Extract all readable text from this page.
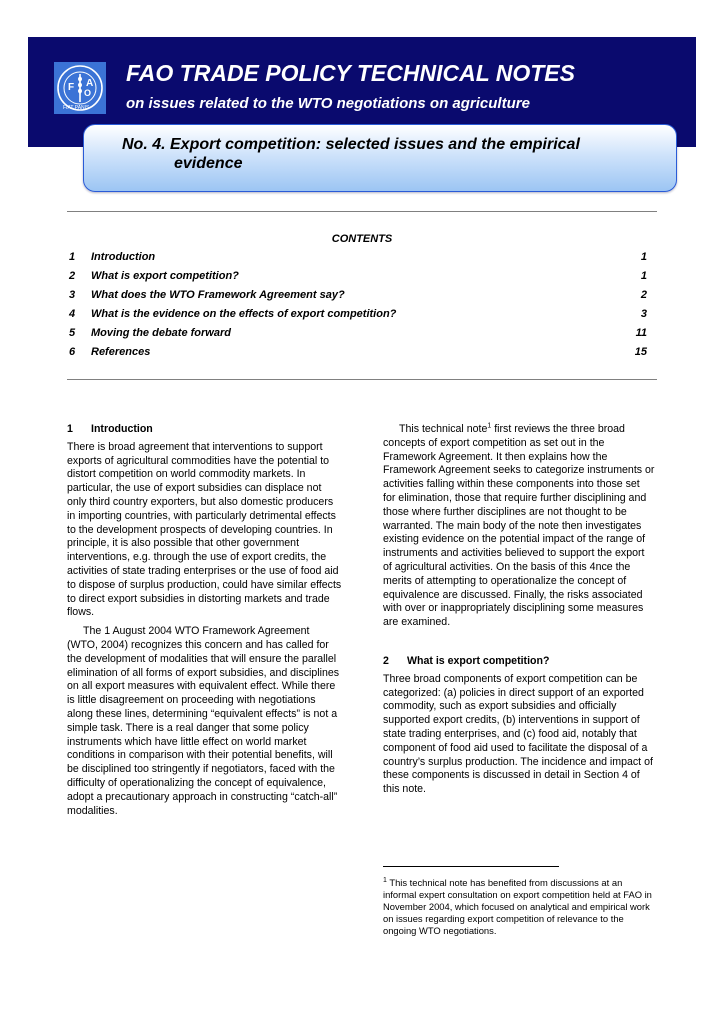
F A
O
FIAT PANIS
FAO TRADE POLICY TECHNICAL NOTES
on issues related to the WTO negotiations on agriculture
No. 4. Export competition: selected issues and the empirical
evidence
CONTENTS
1 Introduction	1
2 What is export competition?	1
3 What does the WTO Framework Agreement say?	2
4 What is the evidence on the effects of export competition?	3
5 Moving the debate forward	11
6 References	15

1 Introduction

There is broad agreement that interventions to support exports of agricultural commodities have the potential to distort competition on world commodity markets. In particular, the use of export subsidies can displace not only third country exporters, but also domestic producers in importing countries, with particularly detrimental effects to the development prospects of developing countries. In principle, it is also possible that other government interventions, e.g. through the use of export credits, the activities of state trading enterprises or the use of food aid to dispose of surplus production, could have similar effects to direct export subsidies in distorting markets and trade flows.

The 1 August 2004 WTO Framework Agreement (WTO, 2004) recognizes this concern and has called for the development of modalities that will ensure the parallel elimination of all forms of export subsidies, and disciplines on all export measures with equivalent effect. While there is little disagreement on proceeding with negotiations along these lines, determining “equivalent effects” is not a simple task. There is a real danger that some policy instruments which have little effect on world market conditions in comparison with their potential benefits, will be disciplined too stringently if negotiators, faced with the difficulty of operationalizing the concept of equivalence, adopt a precautionary approach in constructing “catch-all” modalities.

This technical note$^1$ first reviews the three broad concepts of export competition as set out in the Framework Agreement. It then explains how the Framework Agreement seeks to categorize instruments or activities falling within these components into those set for elimination, those that require further disciplining and those where further disciplines are not thought to be warranted. The main body of the note then investigates existing evidence on the potential impact of the range of instruments and activities believed to support the export of agricultural activities. On the basis of this 4nce the merits of attempting to operationalize the concept of equivalence are discussed. Finally, the risks associated with over or inappropriately disciplining some measures are examined.

2 What is export competition?

Three broad components of export competition can be categorized: (a) policies in direct support of an exported commodity, such as export subsidies and officially supported export credits, (b) interventions in support of state trading enterprises, and (c) food aid, notably that component of food aid used to facilitate the disposal of a country’s surplus production. The incidence and impact of these components is discussed in detail in Section 4 of this note.

$^1$ This technical note has benefited from discussions at an informal expert consultation on export competition held at FAO in November 2004, which focused on analytical and empirical work on issues regarding export competition of relevance to the ongoing WTO negotiations.
